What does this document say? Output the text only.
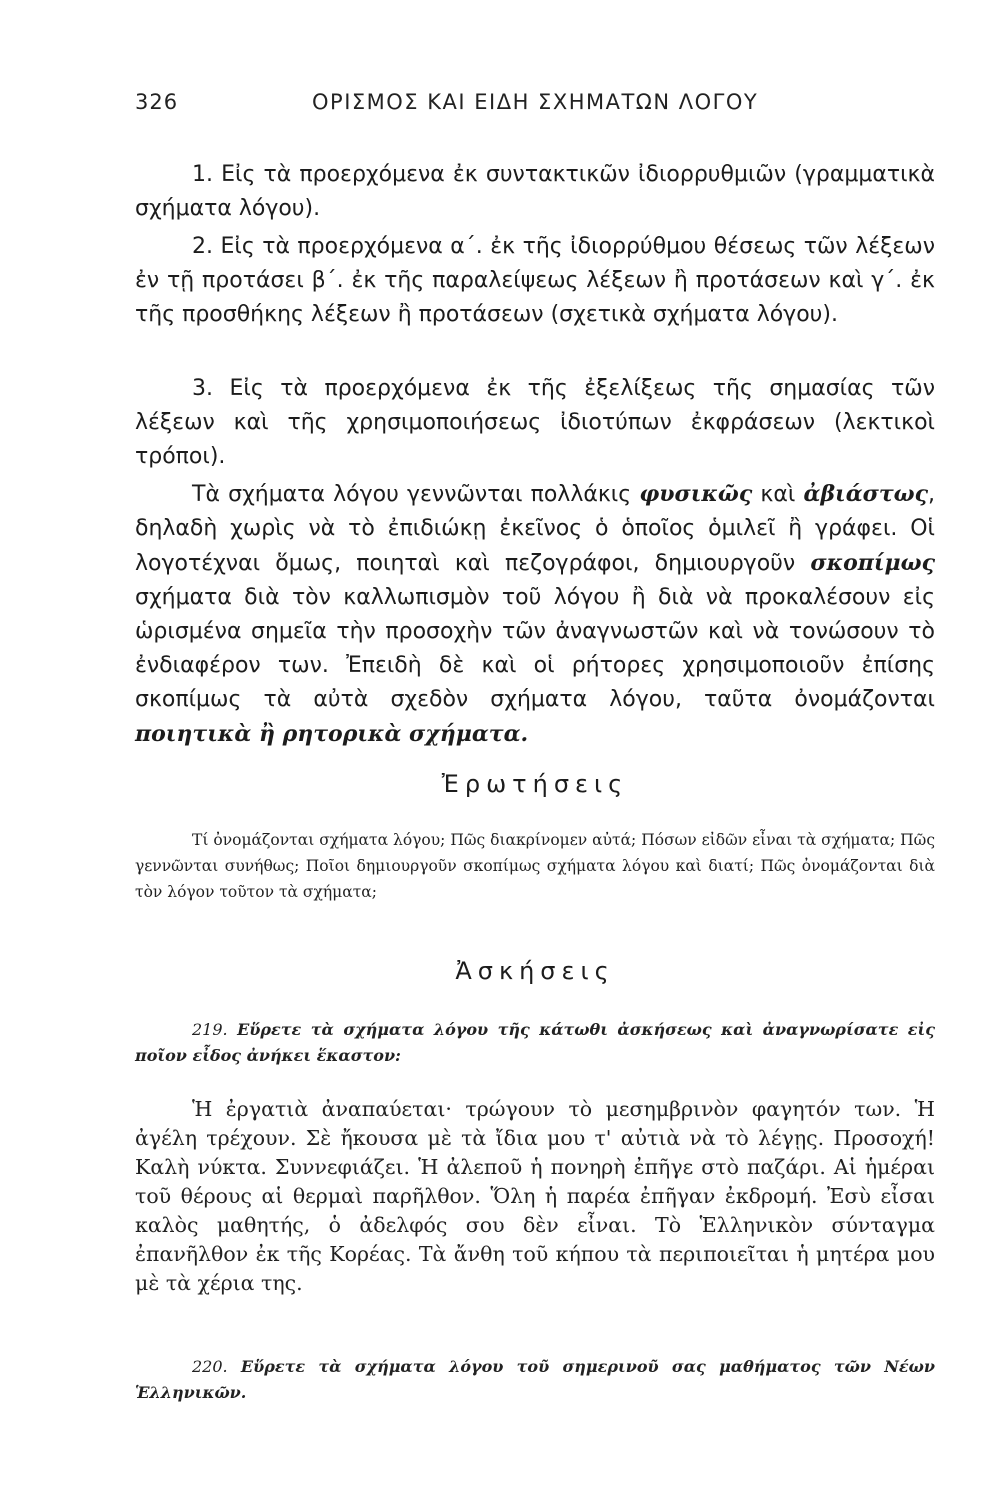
326	ΟΡΙΣΜΟΣ ΚΑΙ ΕΙΔΗ ΣΧΗΜΑΤΩΝ ΛΟΓΟΥ

1. Εἰς τὰ προερχόμενα ἐκ συντακτικῶν ἰδιορρυθμιῶν (γραμματικὰ σχήματα λόγου).

2. Εἰς τὰ προερχόμενα α΄. ἐκ τῆς ἰδιορρύθμου θέσεως τῶν λέξεων ἐν τῇ προτάσει β΄. ἐκ τῆς παραλείψεως λέξεων ἢ προτάσεων καὶ γ΄. ἐκ τῆς προσθήκης λέξεων ἢ προτάσεων (σχετικὰ σχήματα λόγου).

3. Εἰς τὰ προερχόμενα ἐκ τῆς ἐξελίξεως τῆς σημασίας τῶν λέξεων καὶ τῆς χρησιμοποιήσεως ἰδιοτύπων ἐκφράσεων (λεκτικοὶ τρόποι).

Τὰ σχήματα λόγου γεννῶνται πολλάκις φυσικῶς καὶ ἀβιάστως, δηλαδὴ χωρὶς νὰ τὸ ἐπιδιώκῃ ἐκεῖνος ὁ ὁποῖος ὁμιλεῖ ἢ γράφει. Οἱ λογοτέχναι ὅμως, ποιηταὶ καὶ πεζογράφοι, δημιουργοῦν σκοπίμως σχήματα διὰ τὸν καλλωπισμὸν τοῦ λόγου ἢ διὰ νὰ προκαλέσουν εἰς ὡρισμένα σημεῖα τὴν προσοχὴν τῶν ἀναγνωστῶν καὶ νὰ τονώσουν τὸ ἐνδιαφέρον των. Ἐπειδὴ δὲ καὶ οἱ ρήτορες χρησιμοποιοῦν ἐπίσης σκοπίμως τὰ αὐτὰ σχεδὸν σχήματα λόγου, ταῦτα ὀνομάζονται ποιητικὰ ἢ ρητορικὰ σχήματα.

Ἐρωτήσεις

Τί ὀνομάζονται σχήματα λόγου; Πῶς διακρίνομεν αὐτά; Πόσων εἰδῶν εἶναι τὰ σχήματα; Πῶς γεννῶνται συνήθως; Ποῖοι δημιουργοῦν σκοπίμως σχήματα λόγου καὶ διατί; Πῶς ὀνομάζονται διὰ τὸν λόγον τοῦτον τὰ σχήματα;

Ἀσκήσεις

219. Εὕρετε τὰ σχήματα λόγου τῆς κάτωθι ἀσκήσεως καὶ ἀναγνωρίσατε εἰς ποῖον εἶδος ἀνήκει ἕκαστον:

Ἡ ἐργατιὰ ἀναπαύεται· τρώγουν τὸ μεσημβρινὸν φαγητόν των. Ἡ ἀγέλη τρέχουν. Σὲ ἤκουσα μὲ τὰ ἴδια μου τ' αὐτιὰ νὰ τὸ λέγῃς. Προσοχή! Καλὴ νύκτα. Συννεφιάζει. Ἡ ἀλεποῦ ἡ πονηρὴ ἐπῆγε στὸ παζάρι. Αἱ ἡμέραι τοῦ θέρους αἱ θερμαὶ παρῆλθον. Ὅλη ἡ παρέα ἐπῆγαν ἐκδρομή. Ἐσὺ εἶσαι καλὸς μαθητής, ὁ ἀδελφός σου δὲν εἶναι. Τὸ Ἑλληνικὸν σύνταγμα ἐπανῆλθον ἐκ τῆς Κορέας. Τὰ ἄνθη τοῦ κήπου τὰ περιποιεῖται ἡ μητέρα μου μὲ τὰ χέρια της.

220. Εὕρετε τὰ σχήματα λόγου τοῦ σημερινοῦ σας μαθήματος τῶν Νέων Ἑλληνικῶν.
